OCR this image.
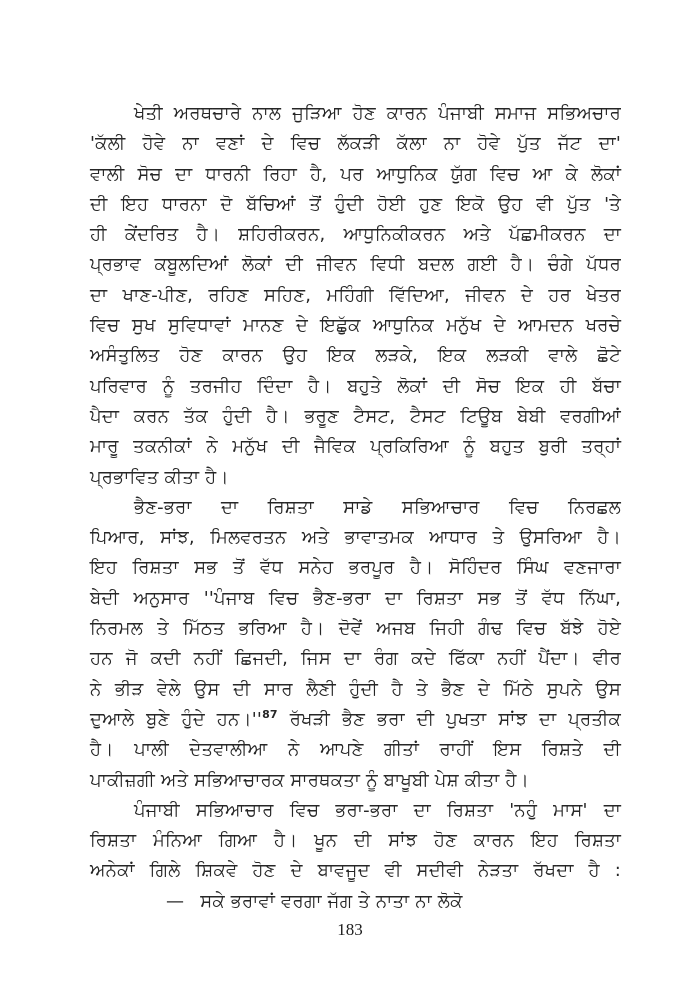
ਖੇਤੀ ਅਰਥਚਾਰੇ ਨਾਲ ਜੁੜਿਆ ਹੋਣ ਕਾਰਨ ਪੰਜਾਬੀ ਸਮਾਜ ਸਭਿਅਚਾਰ
'ਕੱਲੀ ਹੋਵੇ ਨਾ ਵਣਾਂ ਦੇ ਵਿਚ ਲੱਕੜੀ ਕੱਲਾ ਨਾ ਹੋਵੇ ਪੁੱਤ ਜੱਟ ਦਾ'
ਵਾਲੀ ਸੋਚ ਦਾ ਧਾਰਨੀ ਰਿਹਾ ਹੈ, ਪਰ ਆਧੁਨਿਕ ਯੁੱਗ ਵਿਚ ਆ ਕੇ ਲੋਕਾਂ
ਦੀ ਇਹ ਧਾਰਨਾ ਦੋ ਬੱਚਿਆਂ ਤੋਂ ਹੁੰਦੀ ਹੋਈ ਹੁਣ ਇਕੋ ਉਹ ਵੀ ਪੁੱਤ 'ਤੇ
ਹੀ ਕੇਂਦਰਿਤ ਹੈ। ਸ਼ਹਿਰੀਕਰਨ, ਆਧੁਨਿਕੀਕਰਨ ਅਤੇ ਪੱਛਮੀਕਰਨ ਦਾ
ਪ੍ਰਭਾਵ ਕਬੂਲਦਿਆਂ ਲੋਕਾਂ ਦੀ ਜੀਵਨ ਵਿਧੀ ਬਦਲ ਗਈ ਹੈ। ਚੰਗੇ ਪੱਧਰ
ਦਾ ਖਾਣ-ਪੀਣ, ਰਹਿਣ ਸਹਿਣ, ਮਹਿੰਗੀ ਵਿੱਦਿਆ, ਜੀਵਨ ਦੇ ਹਰ ਖੇਤਰ
ਵਿਚ ਸੁਖ ਸੁਵਿਧਾਵਾਂ ਮਾਨਣ ਦੇ ਇਛੁੱਕ ਆਧੁਨਿਕ ਮਨੁੱਖ ਦੇ ਆਮਦਨ ਖਰਚੇ
ਅਸੰਤੁਲਿਤ ਹੋਣ ਕਾਰਨ ਉਹ ਇਕ ਲੜਕੇ, ਇਕ ਲੜਕੀ ਵਾਲੇ ਛੋਟੇ
ਪਰਿਵਾਰ ਨੂੰ ਤਰਜੀਹ ਦਿੰਦਾ ਹੈ। ਬਹੁਤੇ ਲੋਕਾਂ ਦੀ ਸੋਚ ਇਕ ਹੀ ਬੱਚਾ
ਪੈਦਾ ਕਰਨ ਤੱਕ ਹੁੰਦੀ ਹੈ। ਭਰੂਣ ਟੈਸਟ, ਟੈਸਟ ਟਿਊਬ ਬੇਬੀ ਵਰਗੀਆਂ
ਮਾਰੂ ਤਕਨੀਕਾਂ ਨੇ ਮਨੁੱਖ ਦੀ ਜੈਵਿਕ ਪ੍ਰਕਿਰਿਆ ਨੂੰ ਬਹੁਤ ਬੁਰੀ ਤਰ੍ਹਾਂ
ਪ੍ਰਭਾਵਿਤ ਕੀਤਾ ਹੈ।
ਭੈਣ-ਭਰਾ ਦਾ ਰਿਸ਼ਤਾ ਸਾਡੇ ਸਭਿਆਚਾਰ ਵਿਚ ਨਿਰਛਲ
ਪਿਆਰ, ਸਾਂਝ, ਮਿਲਵਰਤਨ ਅਤੇ ਭਾਵਾਤਮਕ ਆਧਾਰ ਤੇ ਉਸਰਿਆ ਹੈ।
ਇਹ ਰਿਸ਼ਤਾ ਸਭ ਤੋਂ ਵੱਧ ਸਨੇਹ ਭਰਪੂਰ ਹੈ। ਸੋਹਿੰਦਰ ਸਿੰਘ ਵਣਜਾਰਾ
ਬੇਦੀ ਅਨੁਸਾਰ ''ਪੰਜਾਬ ਵਿਚ ਭੈਣ-ਭਰਾ ਦਾ ਰਿਸ਼ਤਾ ਸਭ ਤੋਂ ਵੱਧ ਨਿੱਘਾ,
ਨਿਰਮਲ ਤੇ ਮਿੱਠਤ ਭਰਿਆ ਹੈ। ਦੋਵੇਂ ਅਜਬ ਜਿਹੀ ਗੰਢ ਵਿਚ ਬੱਝੇ ਹੋਏ
ਹਨ ਜੋ ਕਦੀ ਨਹੀਂ ਛਿਜਦੀ, ਜਿਸ ਦਾ ਰੰਗ ਕਦੇ ਫਿੱਕਾ ਨਹੀਂ ਪੈਂਦਾ। ਵੀਰ
ਨੇ ਭੀੜ ਵੇਲੇ ਉਸ ਦੀ ਸਾਰ ਲੈਣੀ ਹੁੰਦੀ ਹੈ ਤੇ ਭੈਣ ਦੇ ਮਿੱਠੇ ਸੁਪਨੇ ਉਸ
ਦੁਆਲੇ ਬੁਣੇ ਹੁੰਦੇ ਹਨ।''$^{87}$ ਰੱਖੜੀ ਭੈਣ ਭਰਾ ਦੀ ਪੁਖਤਾ ਸਾਂਝ ਦਾ ਪ੍ਰਤੀਕ
ਹੈ। ਪਾਲੀ ਦੇਤਵਾਲੀਆ ਨੇ ਆਪਣੇ ਗੀਤਾਂ ਰਾਹੀਂ ਇਸ ਰਿਸ਼ਤੇ ਦੀ
ਪਾਕੀਜ਼ਗੀ ਅਤੇ ਸਭਿਆਚਾਰਕ ਸਾਰਥਕਤਾ ਨੂੰ ਬਾਖੂਬੀ ਪੇਸ਼ ਕੀਤਾ ਹੈ।
ਪੰਜਾਬੀ ਸਭਿਆਚਾਰ ਵਿਚ ਭਰਾ-ਭਰਾ ਦਾ ਰਿਸ਼ਤਾ 'ਨਹੁੰ ਮਾਸ' ਦਾ
ਰਿਸ਼ਤਾ ਮੰਨਿਆ ਗਿਆ ਹੈ। ਖੂਨ ਦੀ ਸਾਂਝ ਹੋਣ ਕਾਰਨ ਇਹ ਰਿਸ਼ਤਾ
ਅਨੇਕਾਂ ਗਿਲੇ ਸ਼ਿਕਵੇ ਹੋਣ ਦੇ ਬਾਵਜੂਦ ਵੀ ਸਦੀਵੀ ਨੇੜਤਾ ਰੱਖਦਾ ਹੈ :
— ਸਕੇ ਭਰਾਵਾਂ ਵਰਗਾ ਜੱਗ ਤੇ ਨਾਤਾ ਨਾ ਲੋਕੋ
183
